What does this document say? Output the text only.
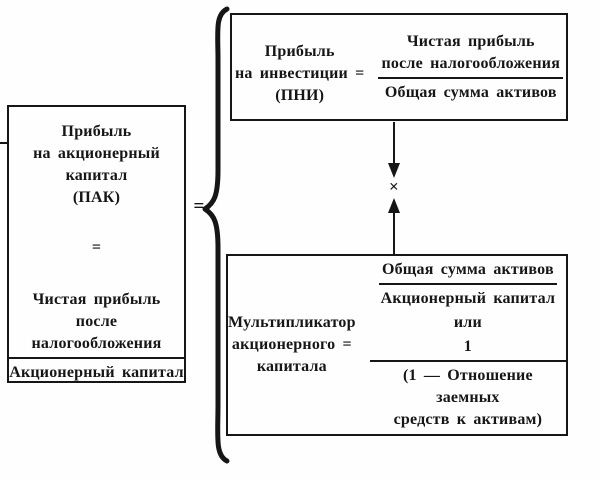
Прибыль
на акционерный
капитал
(ПАК)
=
Чистая прибыль
после налогообложения
Акционерный капитал
=
Прибыль
на инвестиции =
(ПНИ)
Чистая прибыль
после налогообложения
Общая сумма активов
×
Мультипликатор
акционерного =
капитала
$\frac{\text{Общая сумма активов}}{\text{Акционерный капитал}}$
или
1
(1 — Отношение заемных
средств к активам)
